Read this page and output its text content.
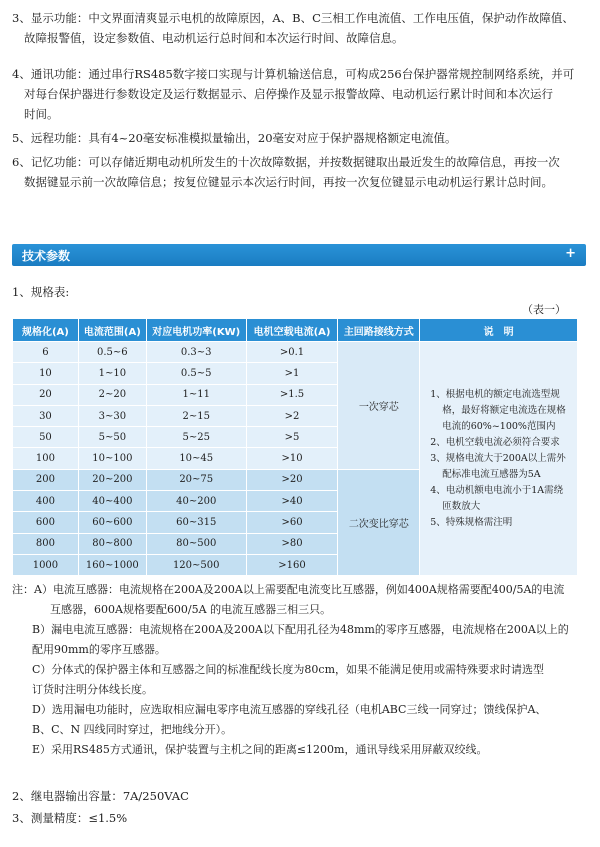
3、显示功能：中文界面清爽显示电机的故障原因，A、B、C三相工作电流值、工作电压值，保护动作故障值、
故障报警值，设定参数值、电动机运行总时间和本次运行时间、故障信息。
4、通讯功能：通过串行RS485数字接口实现与计算机输送信息，可构成256台保护器常规控制网络系统，并可
对每台保护器进行参数设定及运行数据显示、启停操作及显示报警故障、电动机运行累计时间和本次运行
时间。
5、远程功能：具有4~20毫安标准模拟量输出，20毫安对应于保护器规格额定电流值。
6、记忆功能：可以存储近期电动机所发生的十次故障数据，并按数据键取出最近发生的故障信息，再按一次
数据键显示前一次故障信息；按复位键显示本次运行时间，再按一次复位键显示电动机运行累计总时间。
技术参数	+
1、规格表:
（表一）
规格化(A)	电流范围(A)	对应电机功率(KW)	电机空载电流(A)	主回路接线方式	说　明
6	0.5~6	0.3~3	>0.1	一次穿芯	1、根据电机的额定电流选型规格，最好将额定电流选在规格电流的60%~100%范围内
2、电机空载电流必须符合要求
3、规格电流大于200A以上需外配标准电流互感器为5A
4、电动机额电电流小于1A需绕匝数放大
5、特殊规格需注明

10	1~10	0.5~5	>1		
20	2~20	1~11	>1.5		
30	3~30	2~15	>2		
50	5~50	5~25	>5		
100	10~100	10~45	>10		
200	20~200	20~75	>20	二次变比穿芯	
400	40~400	40~200	>40		
600	60~600	60~315	>60		
800	80~800	80~500	>80		
1000	160~1000	120~500	>160		
注：A）电流互感器：电流规格在200A及200A以上需要配电流变比互感器，例如400A规格需要配400/5A的电流
互感器，600A规格要配600/5A 的电流互感器三相三只。
B）漏电电流互感器：电流规格在200A及200A以下配用孔径为48mm的零序互感器，电流规格在200A以上的
配用90mm的零序互感器。
C）分体式的保护器主体和互感器之间的标准配线长度为80cm，如果不能满足使用或需特殊要求时请选型
订货时注明分体线长度。
D）选用漏电功能时，应选取相应漏电零序电流互感器的穿线孔径（电机ABC三线一同穿过；馈线保护A、
B、C、N 四线同时穿过，把地线分开）。
E）采用RS485方式通讯，保护装置与主机之间的距离≤1200m，通讯导线采用屏蔽双绞线。
2、继电器输出容量：7A/250VAC
3、测量精度：≤1.5%
